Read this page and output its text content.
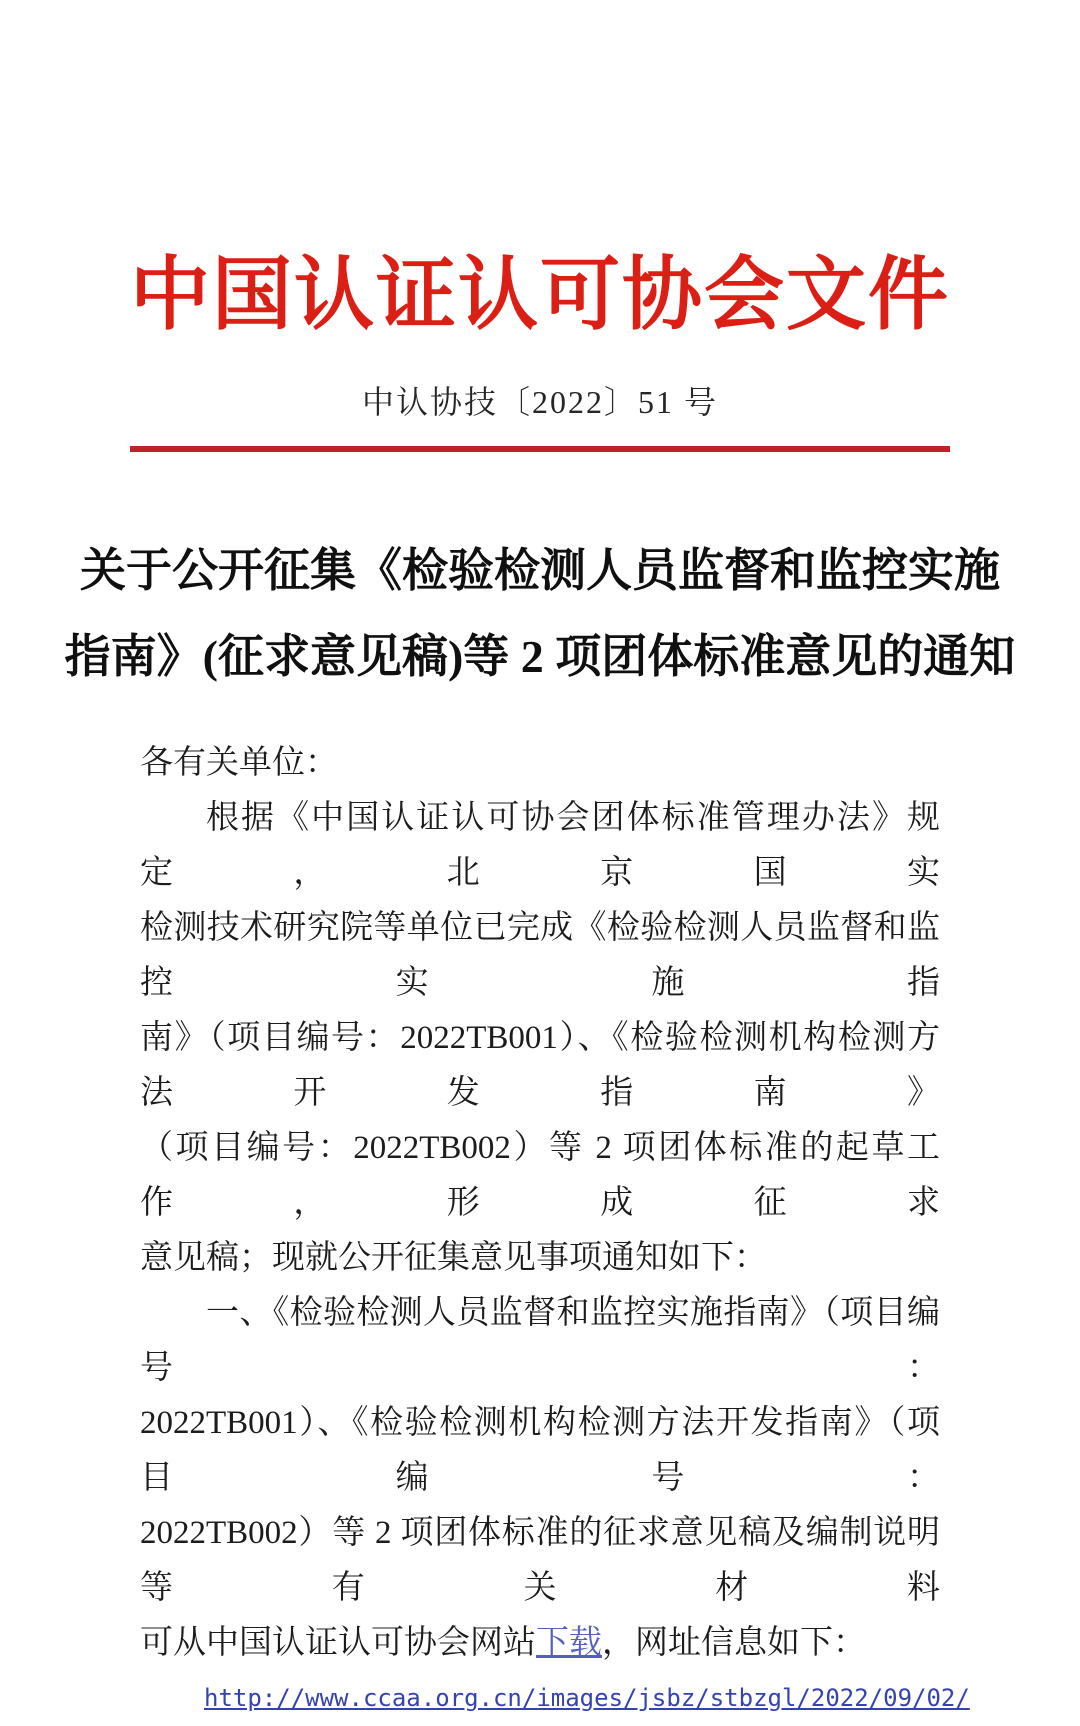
中国认证认可协会文件
中认协技〔2022〕51 号
关于公开征集《检验检测人员监督和监控实施
指南》(征求意见稿)等 2 项团体标准意见的通知
各有关单位：
根据《中国认证认可协会团体标准管理办法》规定，北京国实
检测技术研究院等单位已完成《检验检测人员监督和监控实施指
南》（项目编号：2022TB001）、《检验检测机构检测方法开发指南》
（项目编号：2022TB002）等 2 项团体标准的起草工作，形成征求
意见稿；现就公开征集意见事项通知如下：
一、《检验检测人员监督和监控实施指南》（项目编号：
2022TB001）、《检验检测机构检测方法开发指南》（项目编号：
2022TB002）等 2 项团体标准的征求意见稿及编制说明等有关材料
可从中国认证认可协会网站下载，网址信息如下：
http://www.ccaa.org.cn/images/jsbz/stbzgl/2022/09/02/
